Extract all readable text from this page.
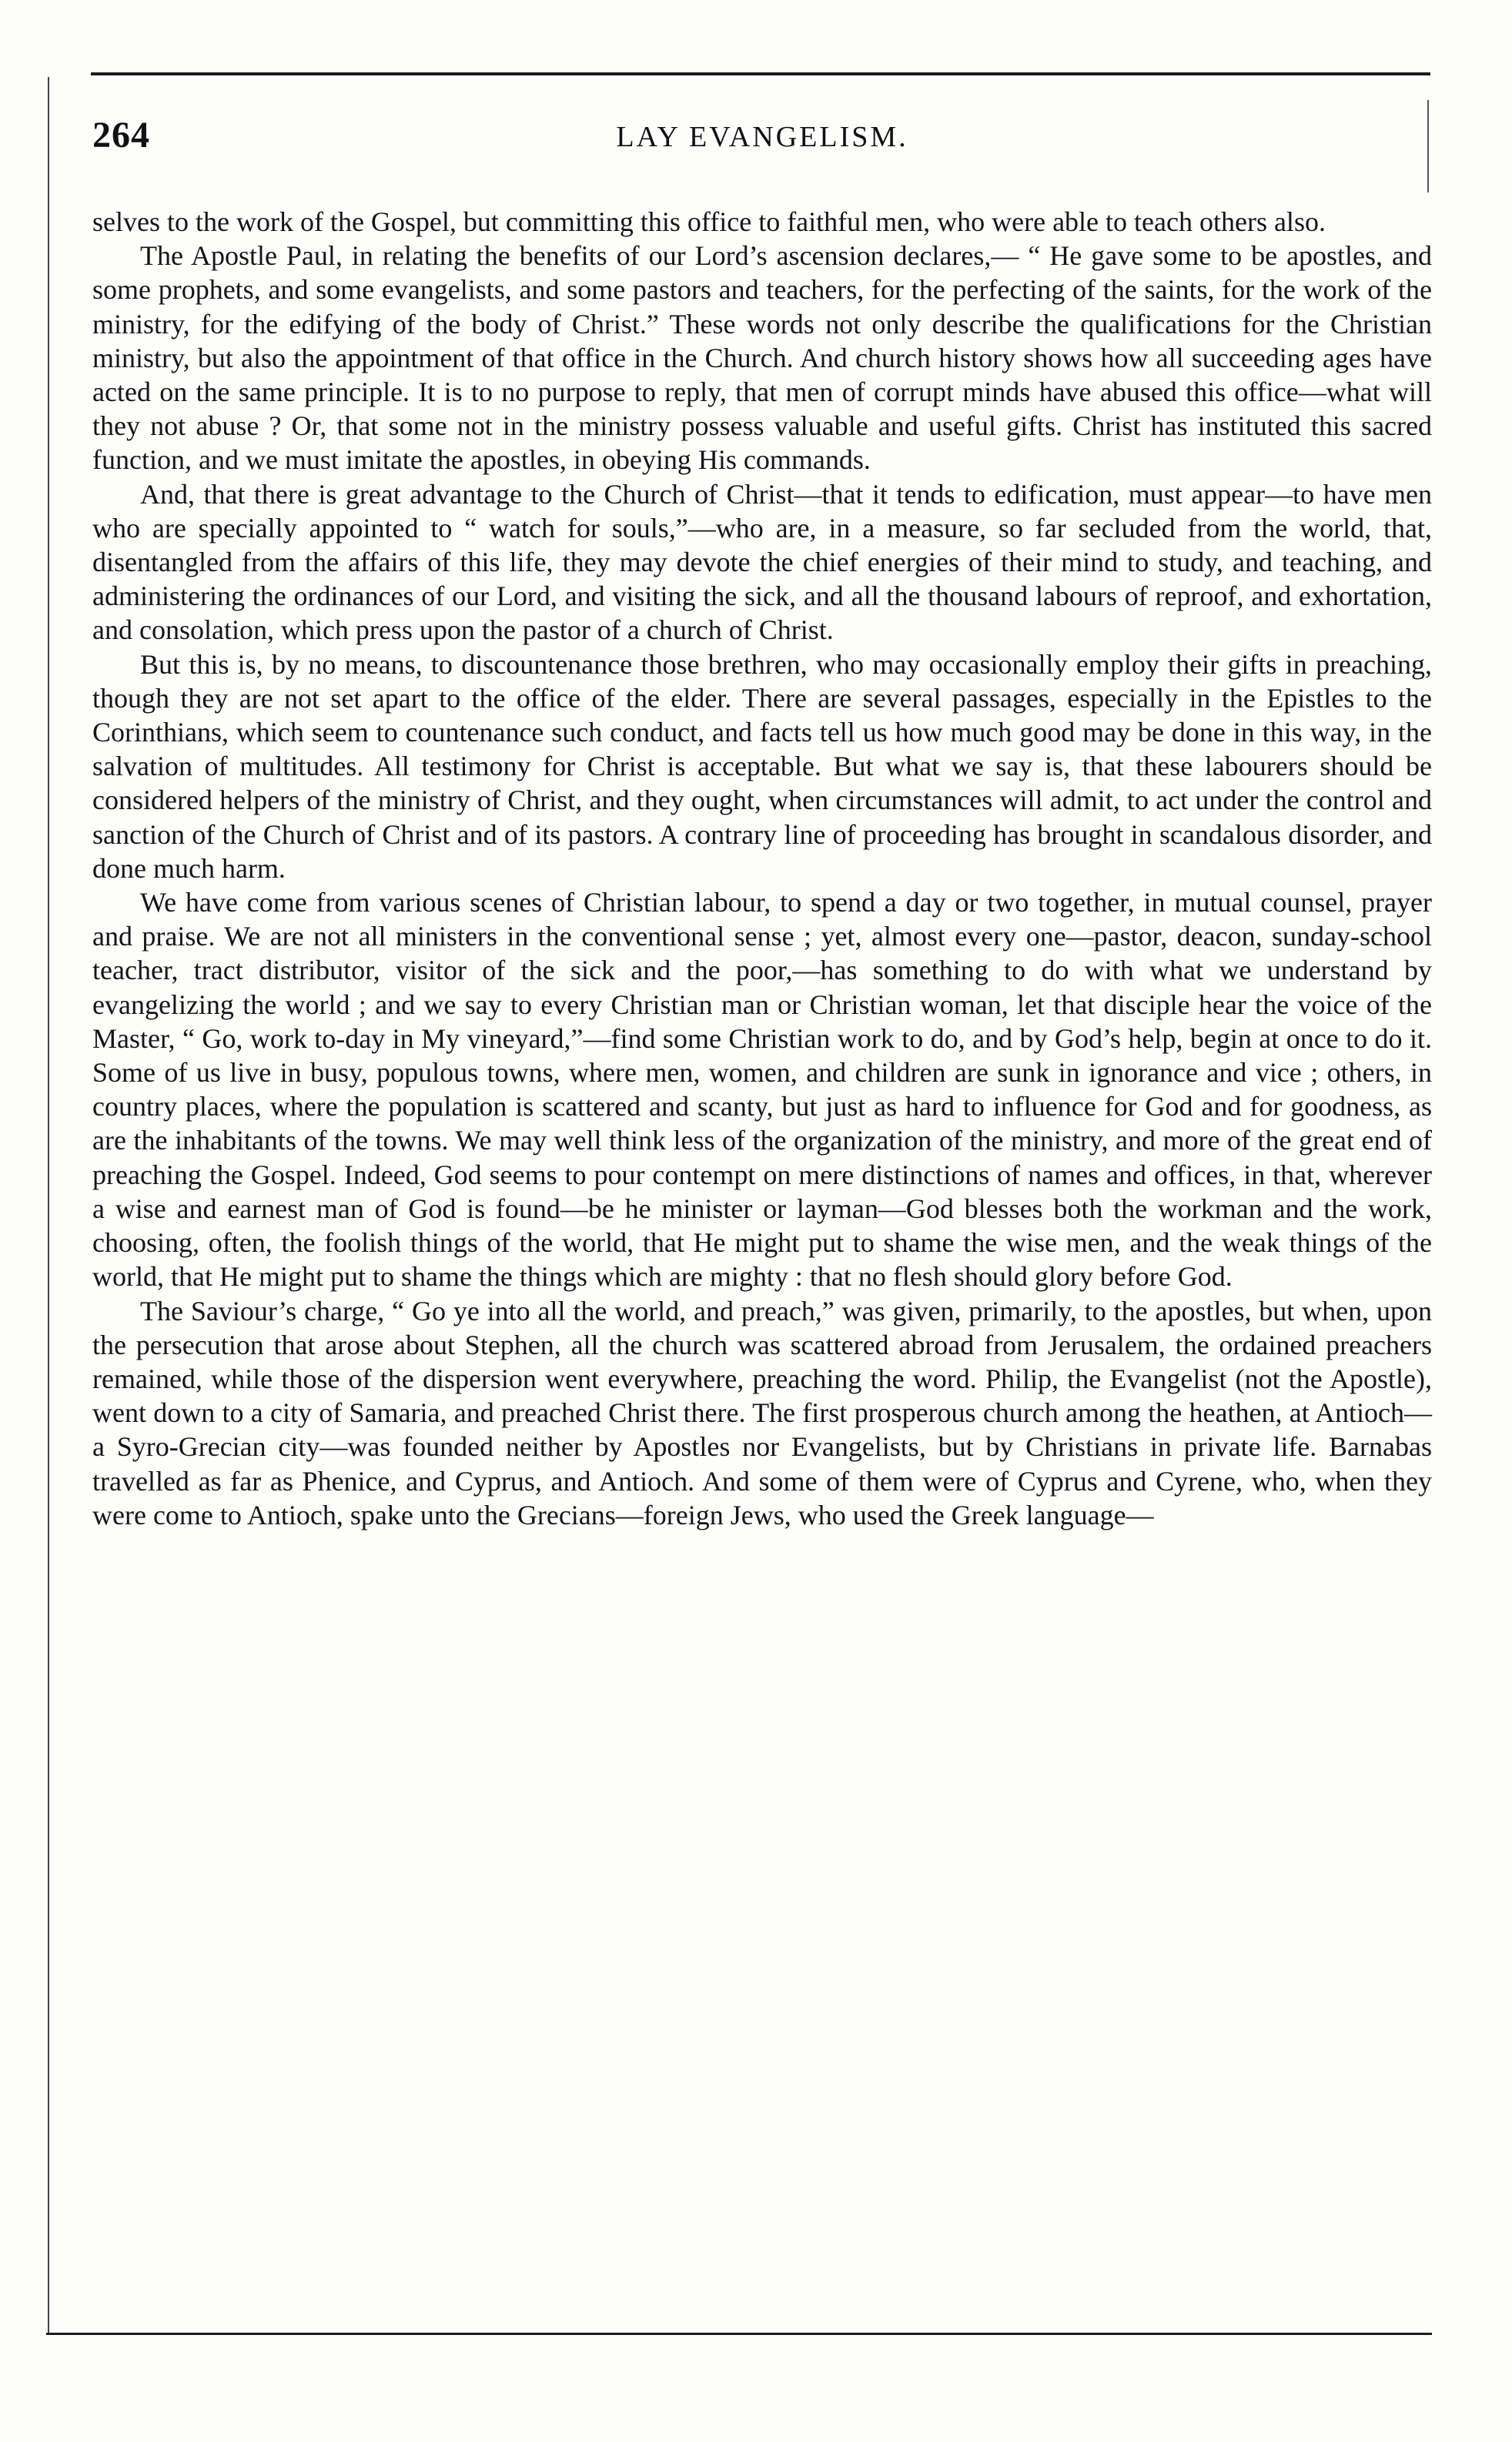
264	LAY EVANGELISM.

selves to the work of the Gospel, but committing this office to faithful men, who were able to teach others also.

The Apostle Paul, in relating the benefits of our Lord’s ascension declares,— “ He gave some to be apostles, and some prophets, and some evangelists, and some pastors and teachers, for the perfecting of the saints, for the work of the ministry, for the edifying of the body of Christ.” These words not only describe the qualifications for the Christian ministry, but also the appointment of that office in the Church. And church history shows how all succeeding ages have acted on the same principle. It is to no purpose to reply, that men of corrupt minds have abused this office—what will they not abuse ? Or, that some not in the ministry possess valuable and useful gifts. Christ has instituted this sacred function, and we must imitate the apostles, in obeying His commands.

And, that there is great advantage to the Church of Christ—that it tends to edification, must appear—to have men who are specially appointed to “ watch for souls,”—who are, in a measure, so far secluded from the world, that, disentangled from the affairs of this life, they may devote the chief energies of their mind to study, and teaching, and administering the ordinances of our Lord, and visiting the sick, and all the thousand labours of reproof, and exhortation, and consolation, which press upon the pastor of a church of Christ.

But this is, by no means, to discountenance those brethren, who may occasionally employ their gifts in preaching, though they are not set apart to the office of the elder. There are several passages, especially in the Epistles to the Corinthians, which seem to countenance such conduct, and facts tell us how much good may be done in this way, in the salvation of multitudes. All testimony for Christ is acceptable. But what we say is, that these labourers should be considered helpers of the ministry of Christ, and they ought, when circumstances will admit, to act under the control and sanction of the Church of Christ and of its pastors. A contrary line of proceeding has brought in scandalous disorder, and done much harm.

We have come from various scenes of Christian labour, to spend a day or two together, in mutual counsel, prayer and praise. We are not all ministers in the conventional sense ; yet, almost every one—pastor, deacon, sunday-school teacher, tract distributor, visitor of the sick and the poor,—has something to do with what we understand by evangelizing the world ; and we say to every Christian man or Christian woman, let that disciple hear the voice of the Master, “ Go, work to-day in My vineyard,”—find some Christian work to do, and by God’s help, begin at once to do it. Some of us live in busy, populous towns, where men, women, and children are sunk in ignorance and vice ; others, in country places, where the population is scattered and scanty, but just as hard to influence for God and for goodness, as are the inhabitants of the towns. We may well think less of the organization of the ministry, and more of the great end of preaching the Gospel. Indeed, God seems to pour contempt on mere distinctions of names and offices, in that, wherever a wise and earnest man of God is found—be he minister or layman—God blesses both the workman and the work, choosing, often, the foolish things of the world, that He might put to shame the wise men, and the weak things of the world, that He might put to shame the things which are mighty : that no flesh should glory before God.

The Saviour’s charge, “ Go ye into all the world, and preach,” was given, primarily, to the apostles, but when, upon the persecution that arose about Stephen, all the church was scattered abroad from Jerusalem, the ordained preachers remained, while those of the dispersion went everywhere, preaching the word. Philip, the Evangelist (not the Apostle), went down to a city of Samaria, and preached Christ there. The first prosperous church among the heathen, at Antioch—a Syro-Grecian city—was founded neither by Apostles nor Evangelists, but by Christians in private life. Barnabas travelled as far as Phenice, and Cyprus, and Antioch. And some of them were of Cyprus and Cyrene, who, when they were come to Antioch, spake unto the Grecians—foreign Jews, who used the Greek language—
